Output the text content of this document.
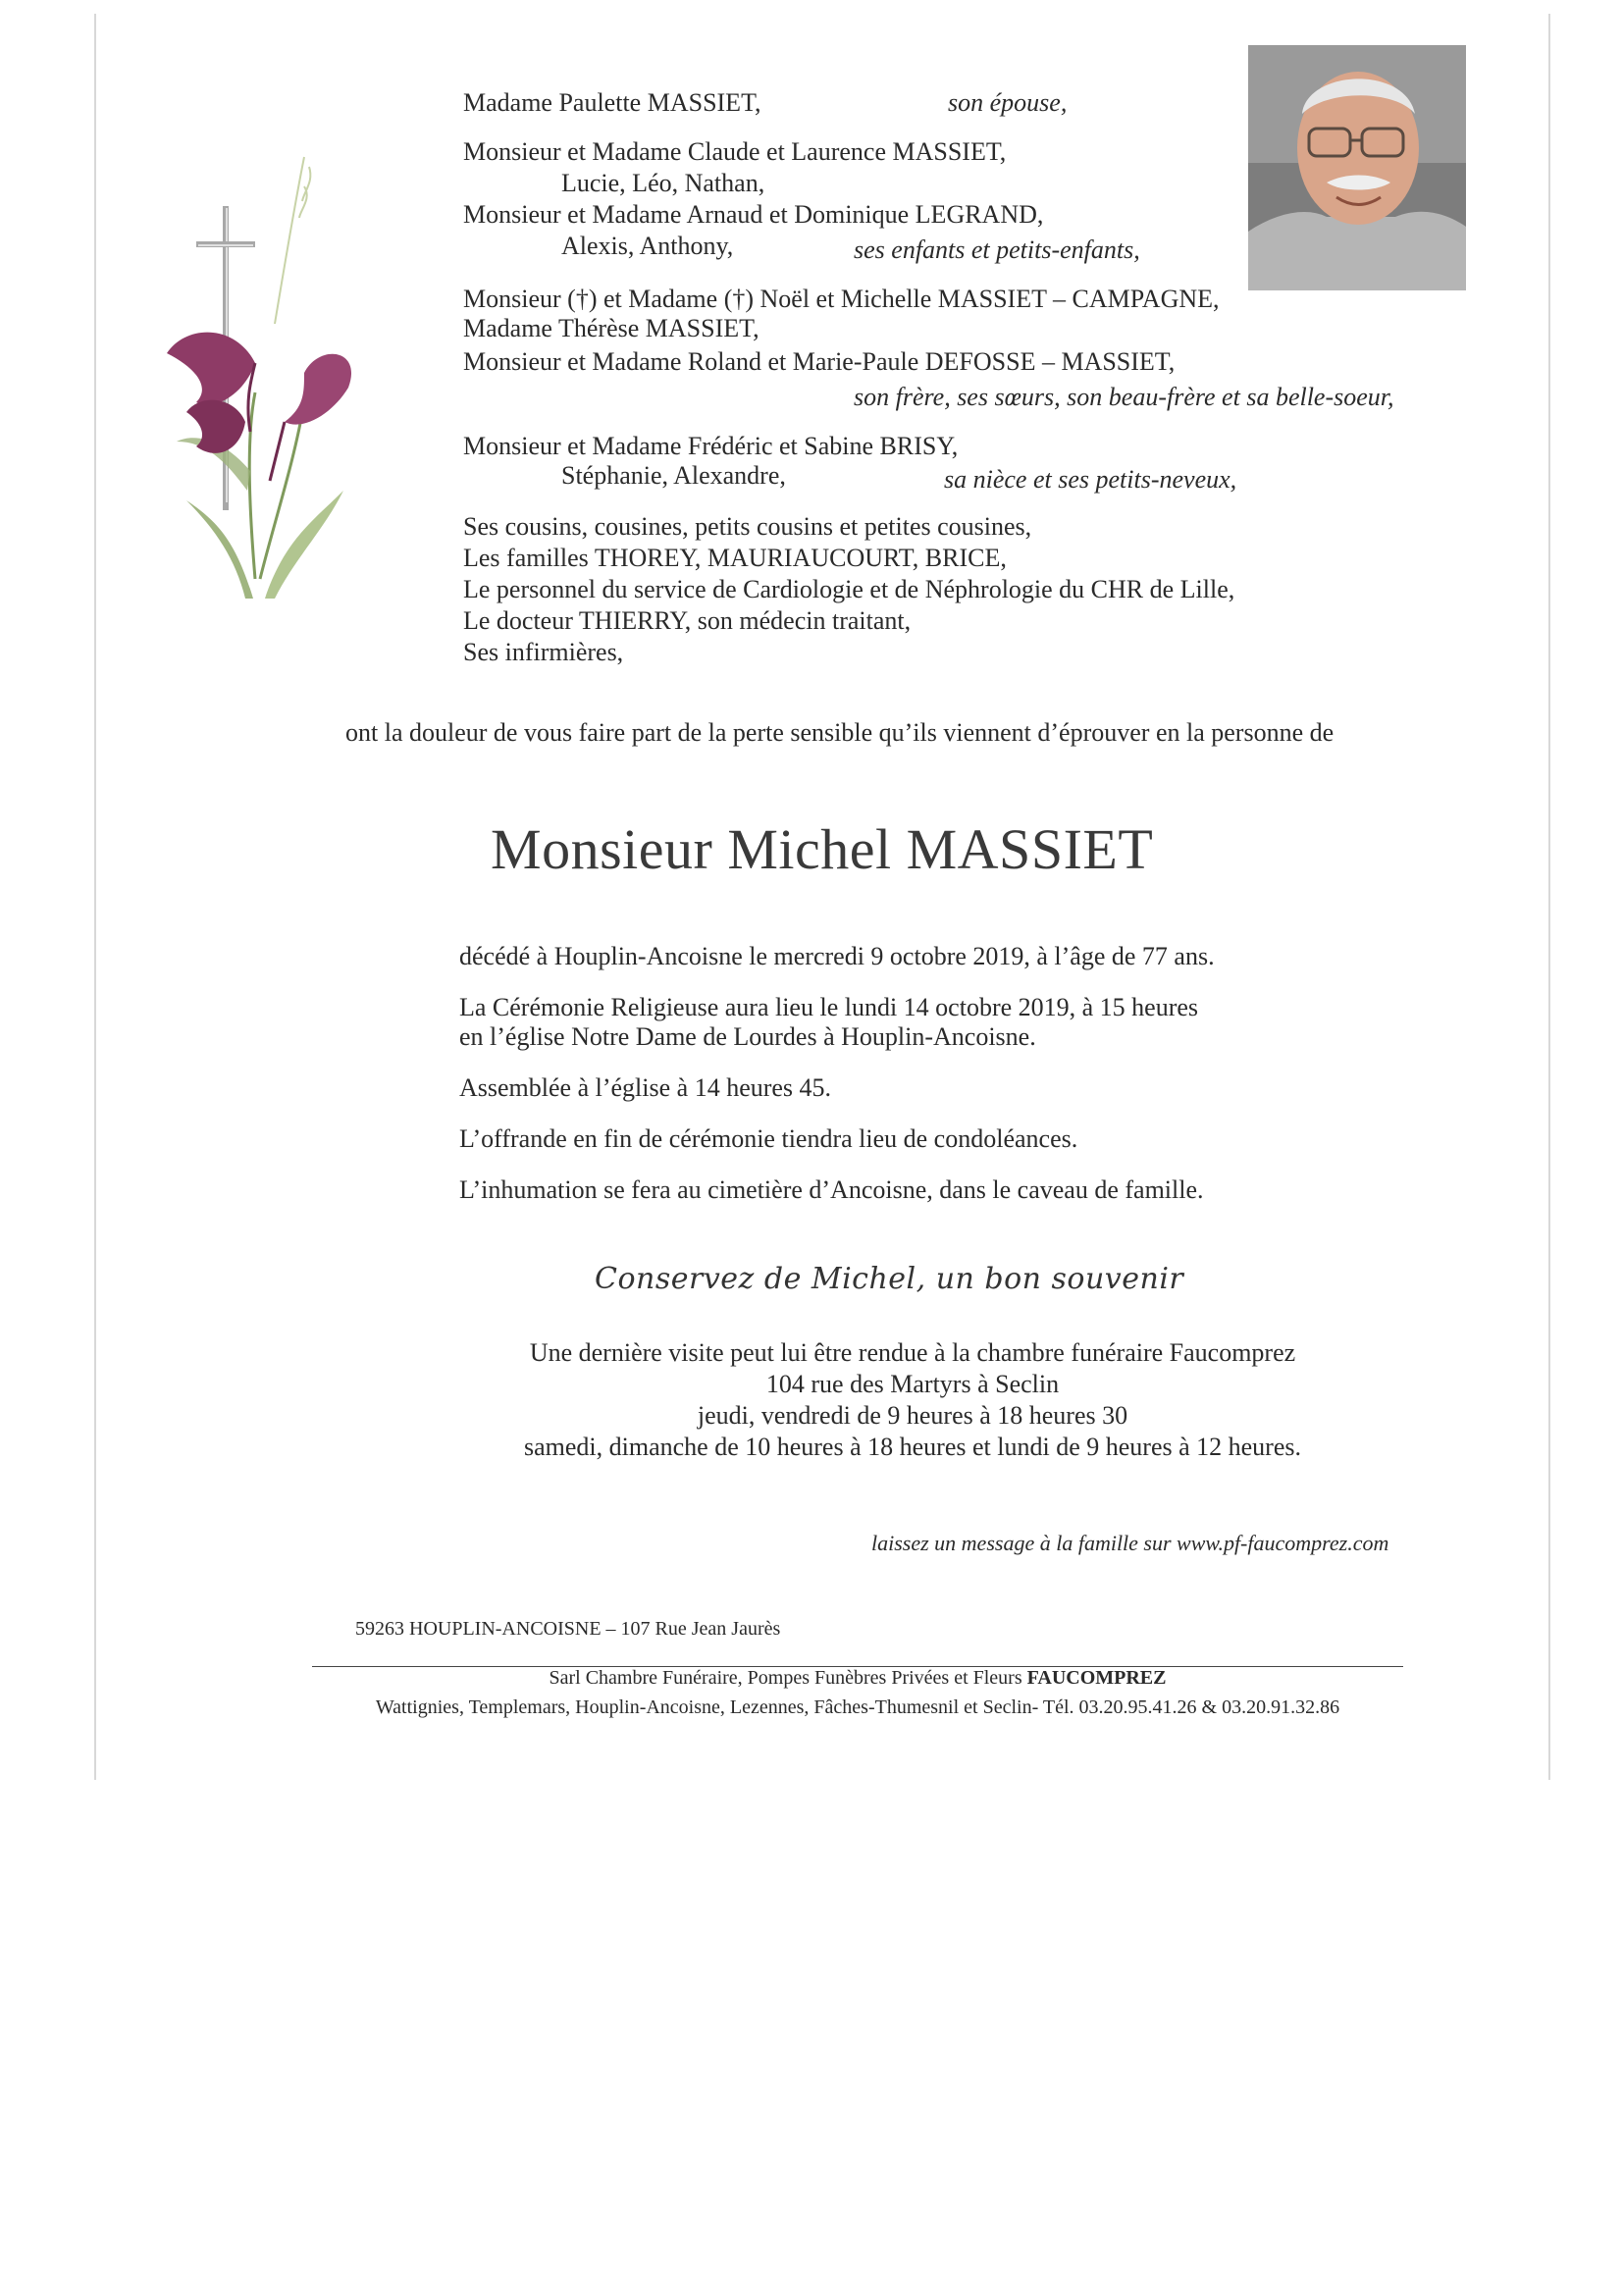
Madame Paulette MASSIET,	son épouse,
Monsieur et Madame Claude et Laurence MASSIET,
Lucie, Léo, Nathan,
Monsieur et Madame Arnaud et Dominique LEGRAND,
Alexis, Anthony,	ses enfants et petits-enfants,
Monsieur (†) et Madame (†) Noël et Michelle MASSIET – CAMPAGNE,
Madame Thérèse MASSIET,
Monsieur et Madame Roland et Marie-Paule DEFOSSE – MASSIET,
son frère, ses sœurs, son beau-frère et sa belle-soeur,
Monsieur et Madame Frédéric et Sabine BRISY,
Stéphanie, Alexandre,	sa nièce et ses petits-neveux,
Ses cousins, cousines, petits cousins et petites cousines,
Les familles THOREY, MAURIAUCOURT, BRICE,
Le personnel du service de Cardiologie et de Néphrologie du CHR de Lille,
Le docteur THIERRY, son médecin traitant,
Ses infirmières,
ont la douleur de vous faire part de la perte sensible qu’ils viennent d’éprouver en la personne de
Monsieur Michel MASSIET
décédé à Houplin-Ancoisne le mercredi 9 octobre 2019, à l’âge de 77 ans.
La Cérémonie Religieuse aura lieu le lundi 14 octobre 2019, à 15 heures
en l’église Notre Dame de Lourdes à Houplin-Ancoisne.
Assemblée à l’église à 14 heures 45.
L’offrande en fin de cérémonie tiendra lieu de condoléances.
L’inhumation se fera au cimetière d’Ancoisne, dans le caveau de famille.
Conservez de Michel, un bon souvenir
Une dernière visite peut lui être rendue à la chambre funéraire Faucomprez
104 rue des Martyrs à Seclin
jeudi, vendredi de 9 heures à 18 heures 30
samedi, dimanche de 10 heures à 18 heures et lundi de 9 heures à 12 heures.
laissez un message à la famille sur www.pf-faucomprez.com
59263 HOUPLIN-ANCOISNE – 107 Rue Jean Jaurès
Sarl Chambre Funéraire, Pompes Funèbres Privées et Fleurs FAUCOMPREZ
Wattignies, Templemars, Houplin-Ancoisne, Lezennes, Fâches-Thumesnil et Seclin- Tél. 03.20.95.41.26 & 03.20.91.32.86
